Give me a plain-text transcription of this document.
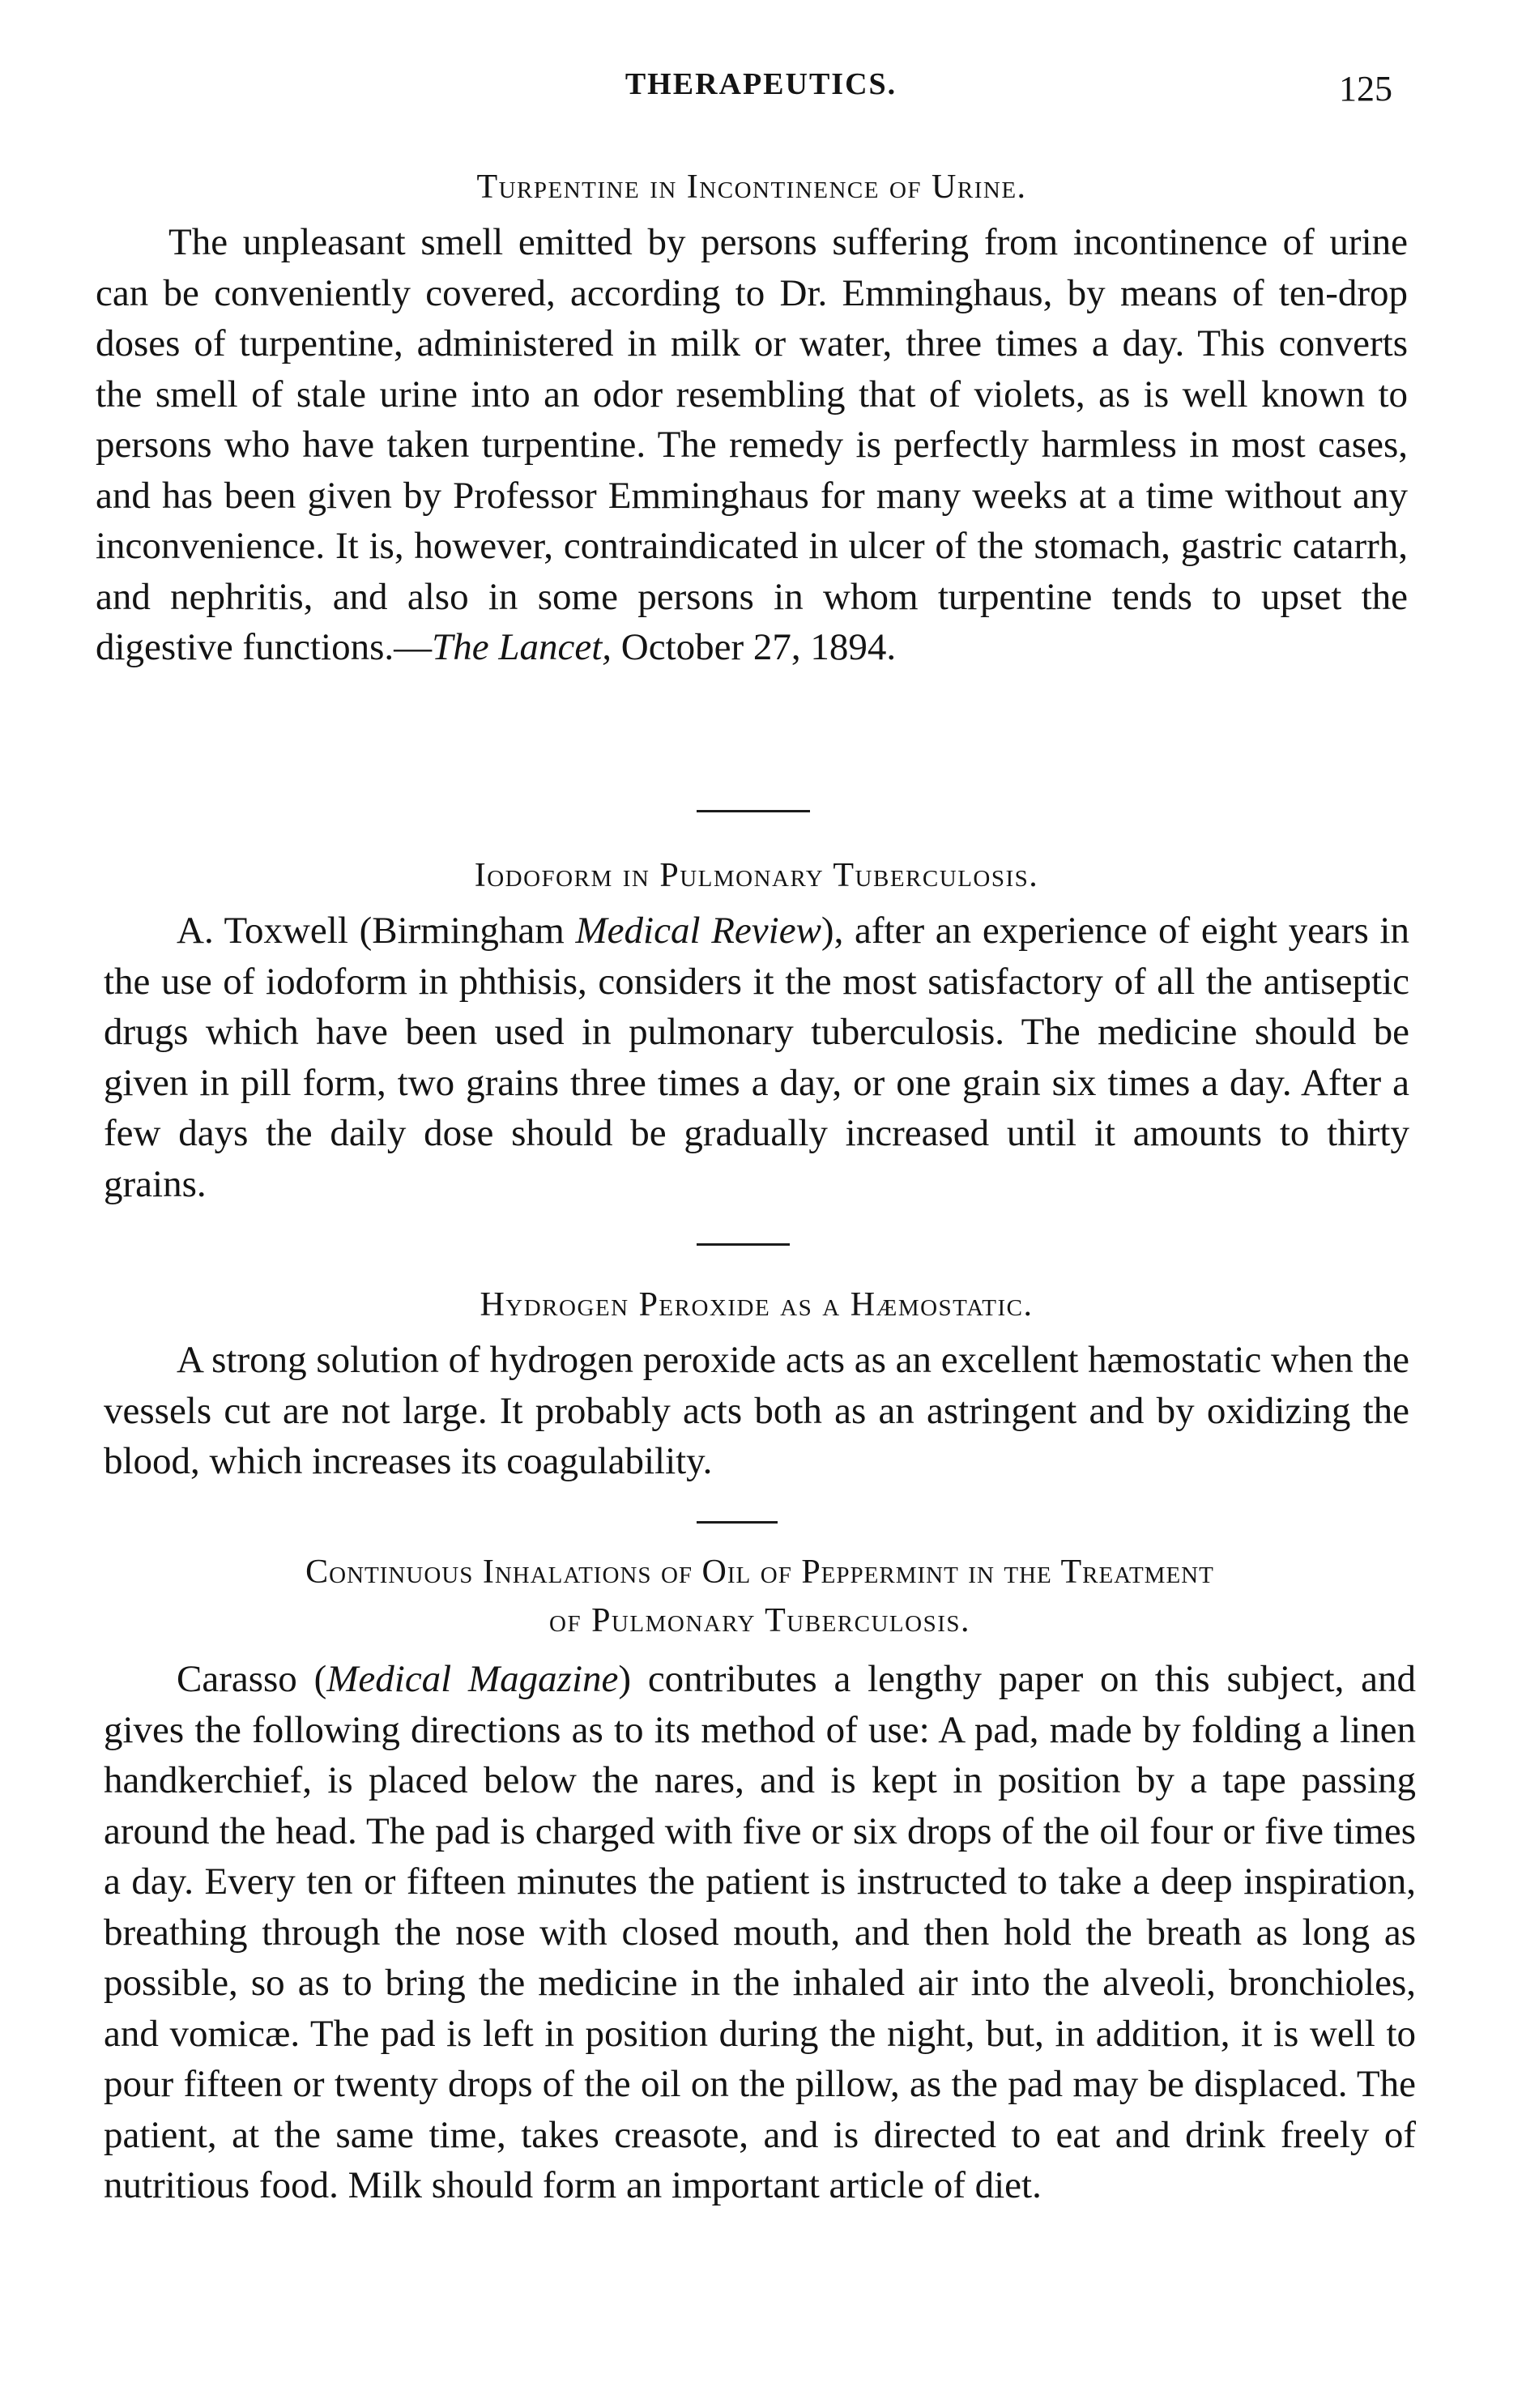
THERAPEUTICS.	125
Turpentine in Incontinence of Urine.

The unpleasant smell emitted by persons suffering from incontinence of urine can be conveniently covered, according to Dr. Emminghaus, by means of ten-drop doses of turpentine, administered in milk or water, three times a day. This converts the smell of stale urine into an odor resembling that of violets, as is well known to persons who have taken turpentine. The remedy is perfectly harmless in most cases, and has been given by Professor Emminghaus for many weeks at a time without any inconvenience. It is, however, contraindicated in ulcer of the stomach, gastric catarrh, and nephritis, and also in some persons in whom turpentine tends to upset the digestive functions.—The Lancet, October 27, 1894.

Iodoform in Pulmonary Tuberculosis.

A. Toxwell (Birmingham Medical Review), after an experience of eight years in the use of iodoform in phthisis, considers it the most satisfactory of all the antiseptic drugs which have been used in pulmonary tuberculosis. The medicine should be given in pill form, two grains three times a day, or one grain six times a day. After a few days the daily dose should be gradually increased until it amounts to thirty grains.

Hydrogen Peroxide as a Hæmostatic.

A strong solution of hydrogen peroxide acts as an excellent hæmostatic when the vessels cut are not large. It probably acts both as an astringent and by oxidizing the blood, which increases its coagulability.

Continuous Inhalations of Oil of Peppermint in the Treatment
of Pulmonary Tuberculosis.

Carasso (Medical Magazine) contributes a lengthy paper on this subject, and gives the following directions as to its method of use: A pad, made by folding a linen handkerchief, is placed below the nares, and is kept in position by a tape passing around the head. The pad is charged with five or six drops of the oil four or five times a day. Every ten or fifteen minutes the patient is instructed to take a deep inspiration, breathing through the nose with closed mouth, and then hold the breath as long as possible, so as to bring the medicine in the inhaled air into the alveoli, bronchioles, and vomicæ. The pad is left in position during the night, but, in addition, it is well to pour fifteen or twenty drops of the oil on the pillow, as the pad may be displaced. The patient, at the same time, takes creasote, and is directed to eat and drink freely of nutritious food. Milk should form an important article of diet.
